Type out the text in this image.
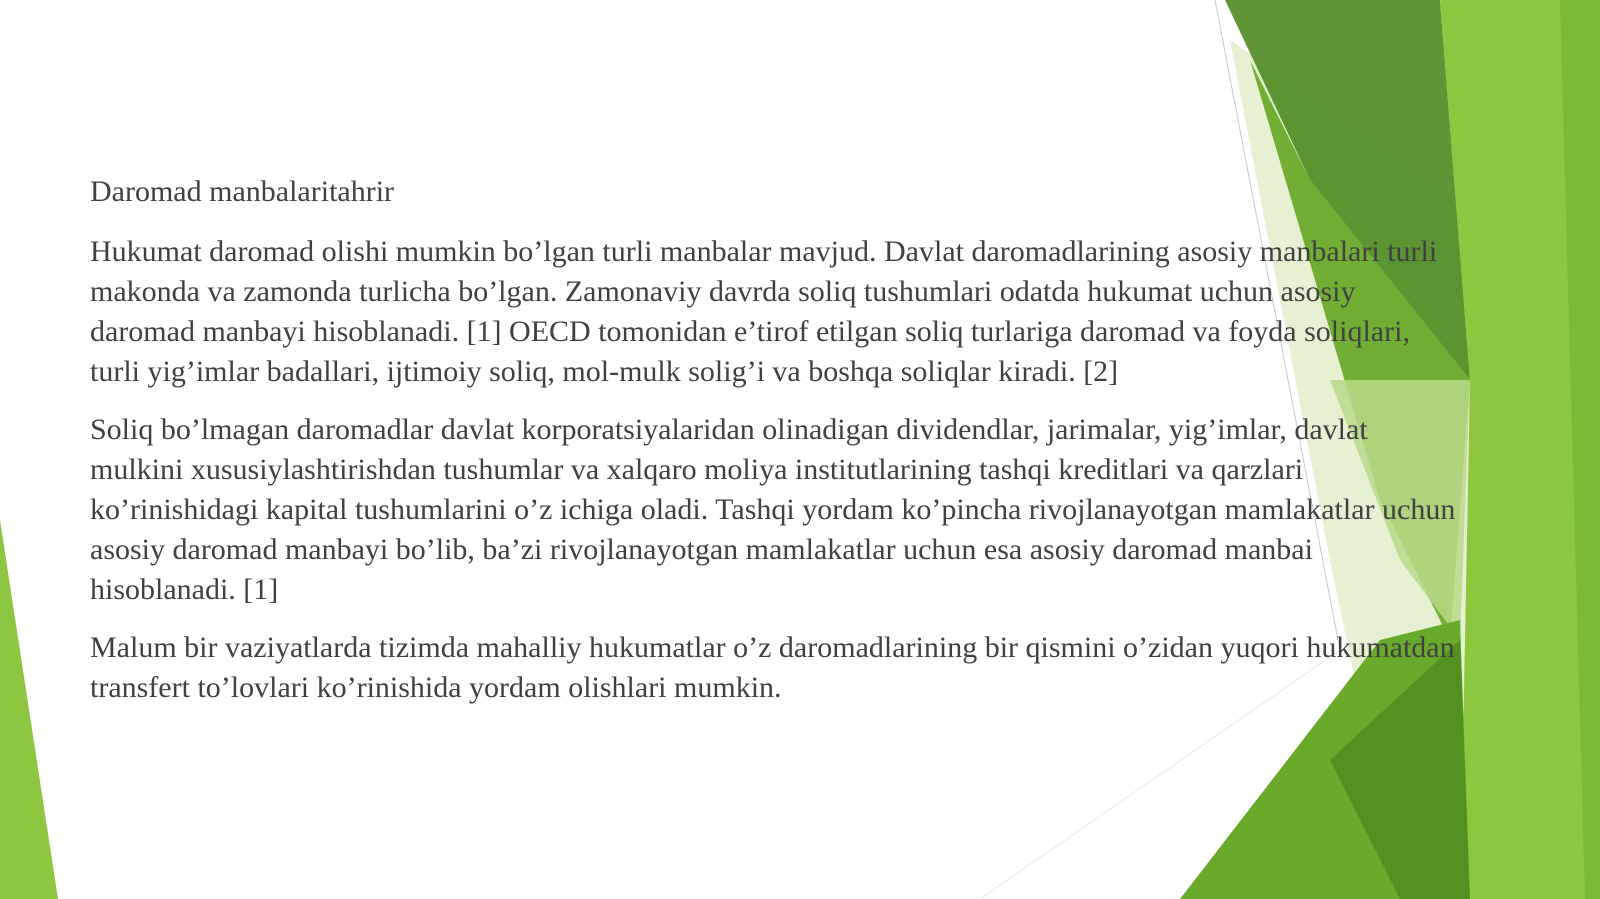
Daromad manbalaritahrir

Hukumat daromad olishi mumkin bo’lgan turli manbalar mavjud. Davlat daromadlarining asosiy manbalari turli makonda va zamonda turlicha bo’lgan. Zamonaviy davrda soliq tushumlari odatda hukumat uchun asosiy daromad manbayi hisoblanadi. [1] OECD tomonidan e’tirof etilgan soliq turlariga daromad va foyda soliqlari, turli yig’imlar badallari, ijtimoiy soliq, mol-mulk solig’i va boshqa soliqlar kiradi. [2]

Soliq bo’lmagan daromadlar davlat korporatsiyalaridan olinadigan dividendlar, jarimalar, yig’imlar, davlat mulkini xususiylashtirishdan tushumlar va xalqaro moliya institutlarining tashqi kreditlari va qarzlari ko’rinishidagi kapital tushumlarini o’z ichiga oladi. Tashqi yordam ko’pincha rivojlanayotgan mamlakatlar uchun asosiy daromad manbayi bo’lib, ba’zi rivojlanayotgan mamlakatlar uchun esa asosiy daromad manbai hisoblanadi. [1]

Malum bir vaziyatlarda tizimda mahalliy hukumatlar o’z daromadlarining bir qismini o’zidan yuqori hukumatdan transfert to’lovlari ko’rinishida yordam olishlari mumkin.
